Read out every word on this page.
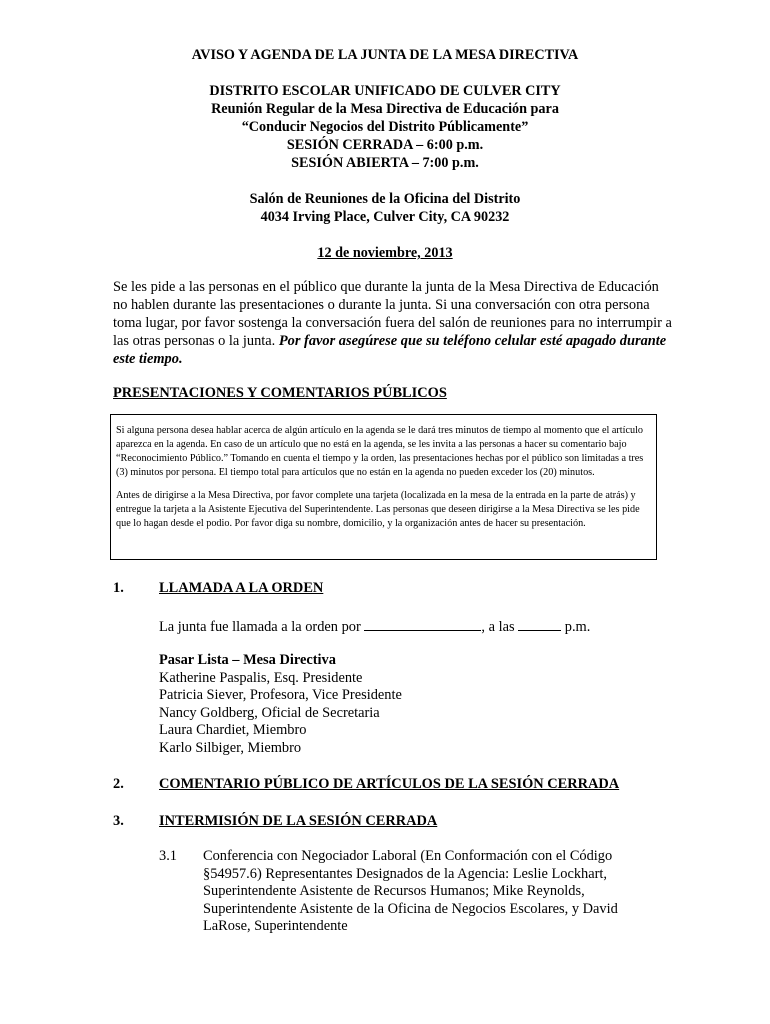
AVISO Y AGENDA DE LA JUNTA DE LA MESA DIRECTIVA
DISTRITO ESCOLAR UNIFICADO DE CULVER CITY
Reunión Regular de la Mesa Directiva de Educación para
“Conducir Negocios del Distrito Públicamente”
SESIÓN CERRADA – 6:00 p.m.
SESIÓN ABIERTA – 7:00 p.m.
Salón de Reuniones de la Oficina del Distrito
4034 Irving Place, Culver City, CA 90232
12 de noviembre, 2013
Se les pide a las personas en el público que durante la junta de la Mesa Directiva de Educación no hablen durante las presentaciones o durante la junta. Si una conversación con otra persona toma lugar, por favor sostenga la conversación fuera del salón de reuniones para no interrumpir a las otras personas o la junta. Por favor asegúrese que su teléfono celular esté apagado durante este tiempo.
PRESENTACIONES Y COMENTARIOS PÚBLICOS

Si alguna persona desea hablar acerca de algún artículo en la agenda se le dará tres minutos de tiempo al momento que el artículo aparezca en la agenda. En caso de un artículo que no está en la agenda, se les invita a las personas a hacer su comentario bajo “Reconocimiento Público.” Tomando en cuenta el tiempo y la orden, las presentaciones hechas por el público son limitadas a tres (3) minutos por persona. El tiempo total para artículos que no están en la agenda no pueden exceder los (20) minutos.

Antes de dirigirse a la Mesa Directiva, por favor complete una tarjeta (localizada en la mesa de la entrada en la parte de atrás) y entregue la tarjeta a la Asistente Ejecutiva del Superintendente. Las personas que deseen dirigirse a la Mesa Directiva se les pide que lo hagan desde el podio. Por favor diga su nombre, domicilio, y la organización antes de hacer su presentación.

1. LLAMADA A LA ORDEN
La junta fue llamada a la orden por	, a las	p.m.
Pasar Lista – Mesa Directiva
Katherine Paspalis, Esq. Presidente
Patricia Siever, Profesora, Vice Presidente
Nancy Goldberg, Oficial de Secretaria
Laura Chardiet, Miembro
Karlo Silbiger, Miembro
2. COMENTARIO PÚBLICO DE ARTÍCULOS DE LA SESIÓN CERRADA
3. INTERMISIÓN DE LA SESIÓN CERRADA
3.1 Conferencia con Negociador Laboral (En Conformación con el Código §54957.6) Representantes Designados de la Agencia: Leslie Lockhart, Superintendente Asistente de Recursos Humanos; Mike Reynolds, Superintendente Asistente de la Oficina de Negocios Escolares, y David LaRose, Superintendente
